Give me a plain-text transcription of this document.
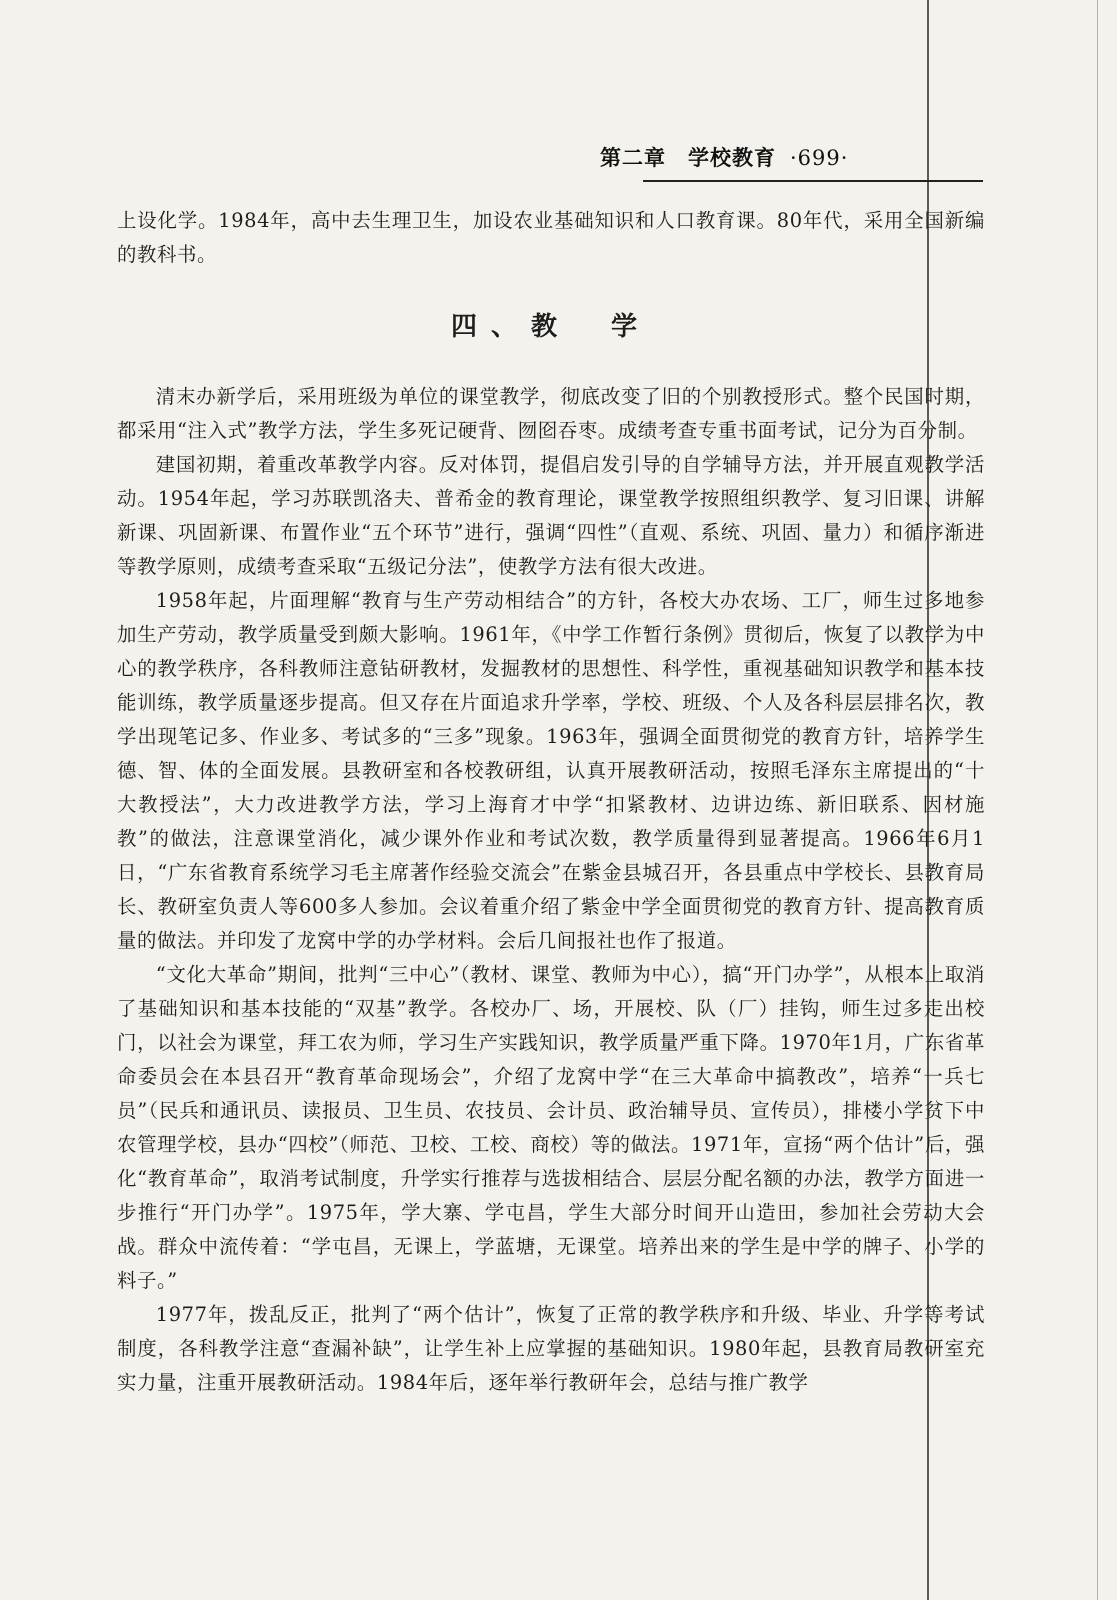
第二章 学校教育 ·699·

上设化学。1984年，高中去生理卫生，加设农业基础知识和人口教育课。80年代，采用全国新编的教科书。

四、教　学

清末办新学后，采用班级为单位的课堂教学，彻底改变了旧的个别教授形式。整个民国时期，都采用“注入式”教学方法，学生多死记硬背、囫囵吞枣。成绩考查专重书面考试，记分为百分制。

建国初期，着重改革教学内容。反对体罚，提倡启发引导的自学辅导方法，并开展直观教学活动。1954年起，学习苏联凯洛夫、普希金的教育理论，课堂教学按照组织教学、复习旧课、讲解新课、巩固新课、布置作业“五个环节”进行，强调“四性”（直观、系统、巩固、量力）和循序渐进等教学原则，成绩考查采取“五级记分法”，使教学方法有很大改进。

1958年起，片面理解“教育与生产劳动相结合”的方针，各校大办农场、工厂，师生过多地参加生产劳动，教学质量受到颇大影响。1961年，《中学工作暂行条例》贯彻后，恢复了以教学为中心的教学秩序，各科教师注意钻研教材，发掘教材的思想性、科学性，重视基础知识教学和基本技能训练，教学质量逐步提高。但又存在片面追求升学率，学校、班级、个人及各科层层排名次，教学出现笔记多、作业多、考试多的“三多”现象。1963年，强调全面贯彻党的教育方针，培养学生德、智、体的全面发展。县教研室和各校教研组，认真开展教研活动，按照毛泽东主席提出的“十大教授法”，大力改进教学方法，学习上海育才中学“扣紧教材、边讲边练、新旧联系、因材施教”的做法，注意课堂消化，减少课外作业和考试次数，教学质量得到显著提高。1966年6月1日，“广东省教育系统学习毛主席著作经验交流会”在紫金县城召开，各县重点中学校长、县教育局长、教研室负责人等600多人参加。会议着重介绍了紫金中学全面贯彻党的教育方针、提高教育质量的做法。并印发了龙窝中学的办学材料。会后几间报社也作了报道。

“文化大革命”期间，批判“三中心”（教材、课堂、教师为中心），搞“开门办学”，从根本上取消了基础知识和基本技能的“双基”教学。各校办厂、场，开展校、队（厂）挂钩，师生过多走出校门，以社会为课堂，拜工农为师，学习生产实践知识，教学质量严重下降。1970年1月，广东省革命委员会在本县召开“教育革命现场会”，介绍了龙窝中学“在三大革命中搞教改”，培养“一兵七员”（民兵和通讯员、读报员、卫生员、农技员、会计员、政治辅导员、宣传员），排楼小学贫下中农管理学校，县办“四校”（师范、卫校、工校、商校）等的做法。1971年，宣扬“两个估计”后，强化“教育革命”，取消考试制度，升学实行推荐与选拔相结合、层层分配名额的办法，教学方面进一步推行“开门办学”。1975年，学大寨、学屯昌，学生大部分时间开山造田，参加社会劳动大会战。群众中流传着：“学屯昌，无课上，学蓝塘，无课堂。培养出来的学生是中学的牌子、小学的料子。”

1977年，拨乱反正，批判了“两个估计”，恢复了正常的教学秩序和升级、毕业、升学等考试制度，各科教学注意“查漏补缺”，让学生补上应掌握的基础知识。1980年起，县教育局教研室充实力量，注重开展教研活动。1984年后，逐年举行教研年会，总结与推广教学
